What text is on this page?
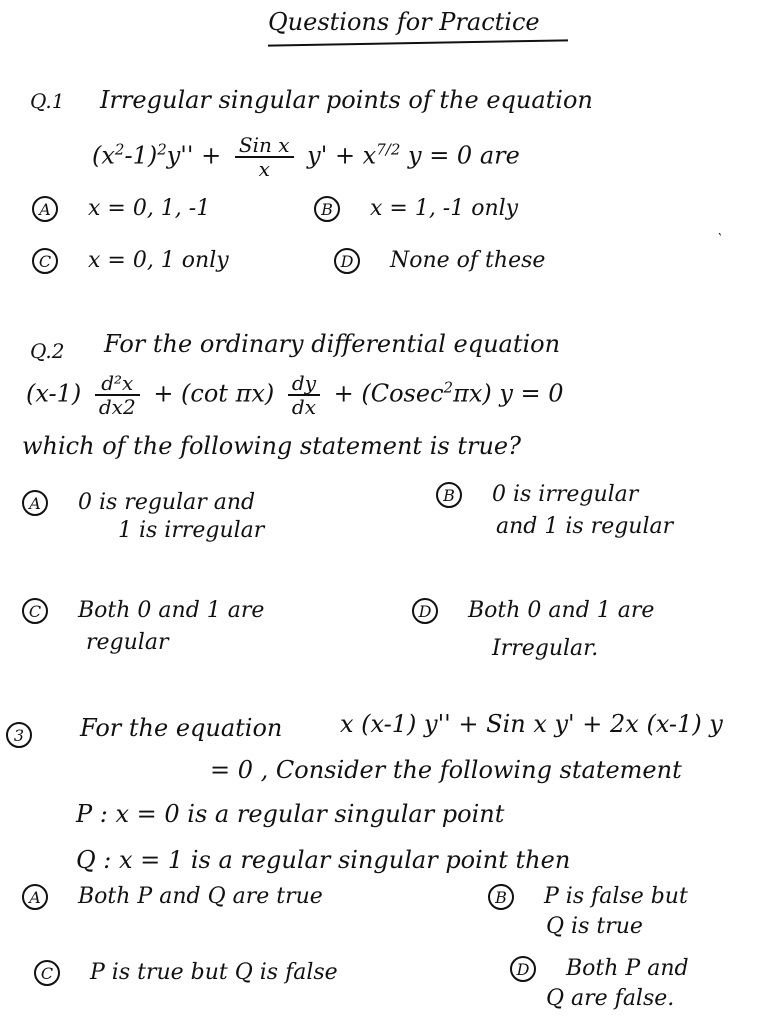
Questions for Practice
Q.1 Irregular singular points of the equation
$(x^2-1)^2y'' + \frac{\text{Sin x}}{x} y' + x^{7/2}$ y = 0 are
A x = 0, 1, -1	B x = 1, -1 only
C x = 0, 1 only	D None of these
Q.2 For the ordinary differential equation
$(x-1) \frac{\text{d²x}}{dx2} + (\cot$ $\pi x) \frac{dy}{dx} + (Cosec^2\pi x) y = 0$
which of the following statement is true?
A 0 is regular and
1 is irregular
B 0 is irregular
and 1 is regular
C Both 0 and 1 are
regular
D Both 0 and 1 are
Irregular.
3	For the equation x (x-1) y'' + Sin x y' + 2x (x-1) y
= 0 , Consider the following statement
P : x = 0 is a regular singular point
Q : x = 1 is a regular singular point then
A Both P and Q are true	B P is false but
Q is true
C P is true but Q is false	D Both P and
Q are false.
`
